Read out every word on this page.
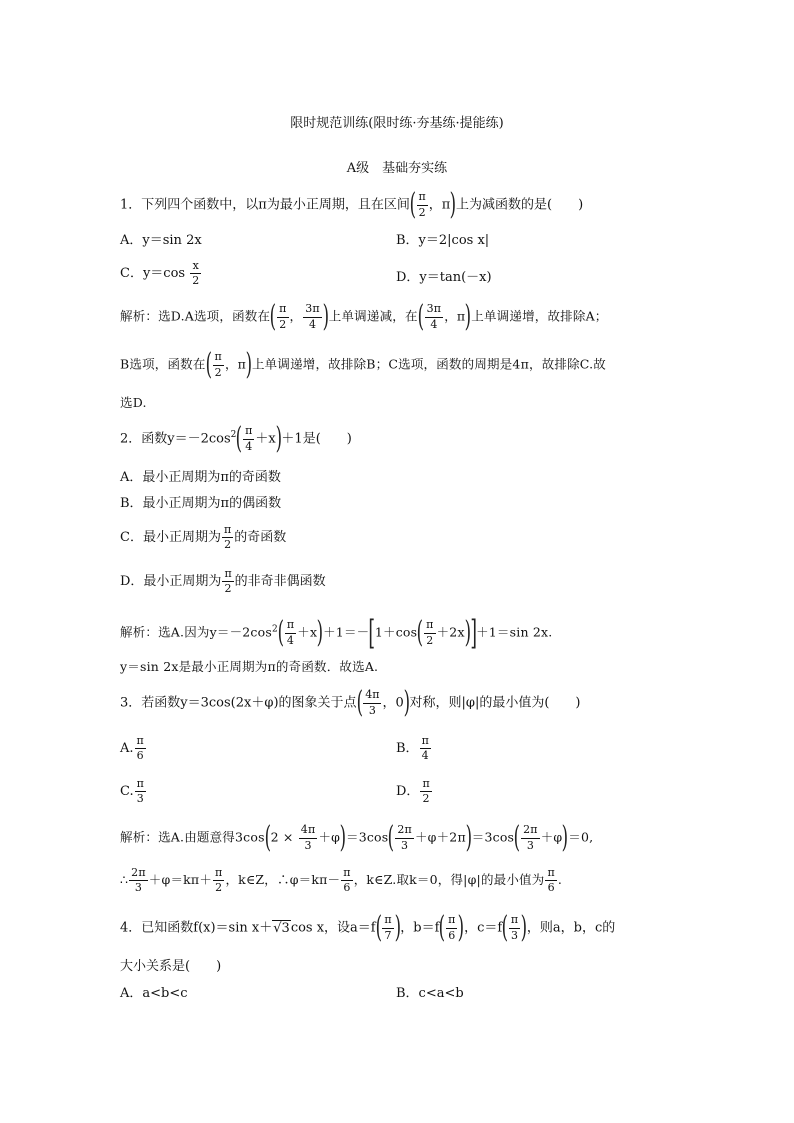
限时规范训练(限时练·夯基练·提能练)
A级　基础夯实练
1．下列四个函数中，以π为最小正周期，且在区间( $\frac{\pi}{2}$ ，π)上为减函数的是(　　)
A．y＝sin 2x	B．y＝2|cos x|
C．$y=\cos \frac{x}{2}$	D．y＝tan(－x)
解析：选D.A选项，函数在( $\frac{\pi}{2}$ ， $\frac{3\pi}{4}$ )上单调递减，在( $\frac{3\pi}{4}$ ，π)上单调递增，故排除A；
B选项，函数在( $\frac{\pi}{2}$ ，π)上单调递增，故排除B；C选项，函数的周期是4π，故排除C.故
选D.
2．函数$y=-2\cos^2( \frac{\pi}{4} +x)+1$是(　　)
A．最小正周期为π的奇函数
B．最小正周期为π的偶函数
C．最小正周期为 $\frac{\pi}{2}$ 的奇函数
D．最小正周期为 $\frac{\pi}{2}$ 的非奇非偶函数
解析：选A.因为$y=-2\cos^2( \frac{\pi}{4} +x)+1=-[1+\cos( \frac{\pi}{2} +2x)]+1=\sin$ 2x.
y＝sin 2x是最小正周期为π的奇函数．故选A.
3．若函数y＝3cos(2x＋φ)的图象关于点( $\frac{4\pi}{3}$ ，0)对称，则|φ|的最小值为(　　)
A. $\frac{\pi}{6}$	B． $\frac{\pi}{4}$
C. $\frac{\pi}{3}$	D． $\frac{\pi}{2}$
解析：选A.由题意得$3\cos(2 \times \frac{4\pi}{3} +\varphi)=3\cos( \frac{2\pi}{3} +\varphi+2\pi)=3\cos( \frac{2\pi}{3} +\varphi)=0$,
∴ $\frac{2\pi}{3} +\varphi=k\pi+ \frac{\pi}{2}$ ，k∈Z，∴φ＝kπ－ $\frac{\pi}{6}$ ，k∈Z.取k＝0，得|φ|的最小值为 $\frac{\pi}{6}$ .
4．已知函数f(x)＝sin x＋√3cos x，设$a=f( \frac{\pi}{7}$ )，$b=f( \frac{\pi}{6}$ )，$c=f( \frac{\pi}{3}$ )，则a，b，c的
大小关系是(　　)
A．a<b<c	B．c<a<b
